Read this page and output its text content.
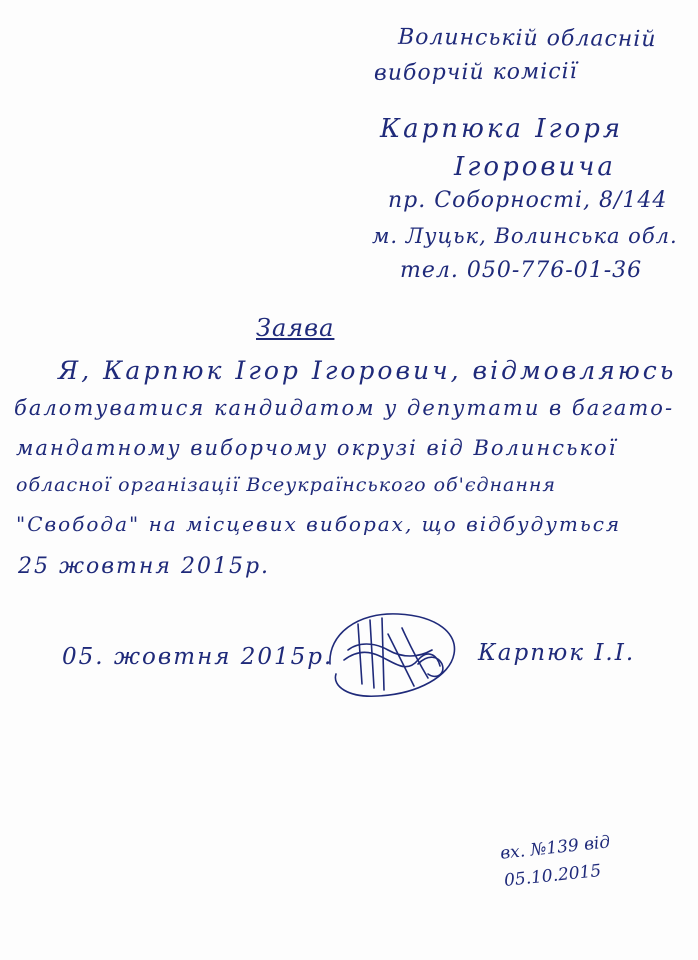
Волинській обласній
виборчій комісії
Карпюка Ігоря
Ігоровича
пр. Соборності, 8/144
м. Луцьк, Волинська обл.
тел. 050-776-01-36
Заява
Я, Карпюк Ігор Ігорович, відмовляюсь
балотуватися кандидатом у депутати в багато-
мандатному виборчому окрузі від Волинської
обласної організації Всеукраїнського об'єднання
"Свобода" на місцевих виборах, що відбудуться
25 жовтня 2015р.
05. жовтня 2015р.	Карпюк І.І.
вх. №139 від
05.10.2015
